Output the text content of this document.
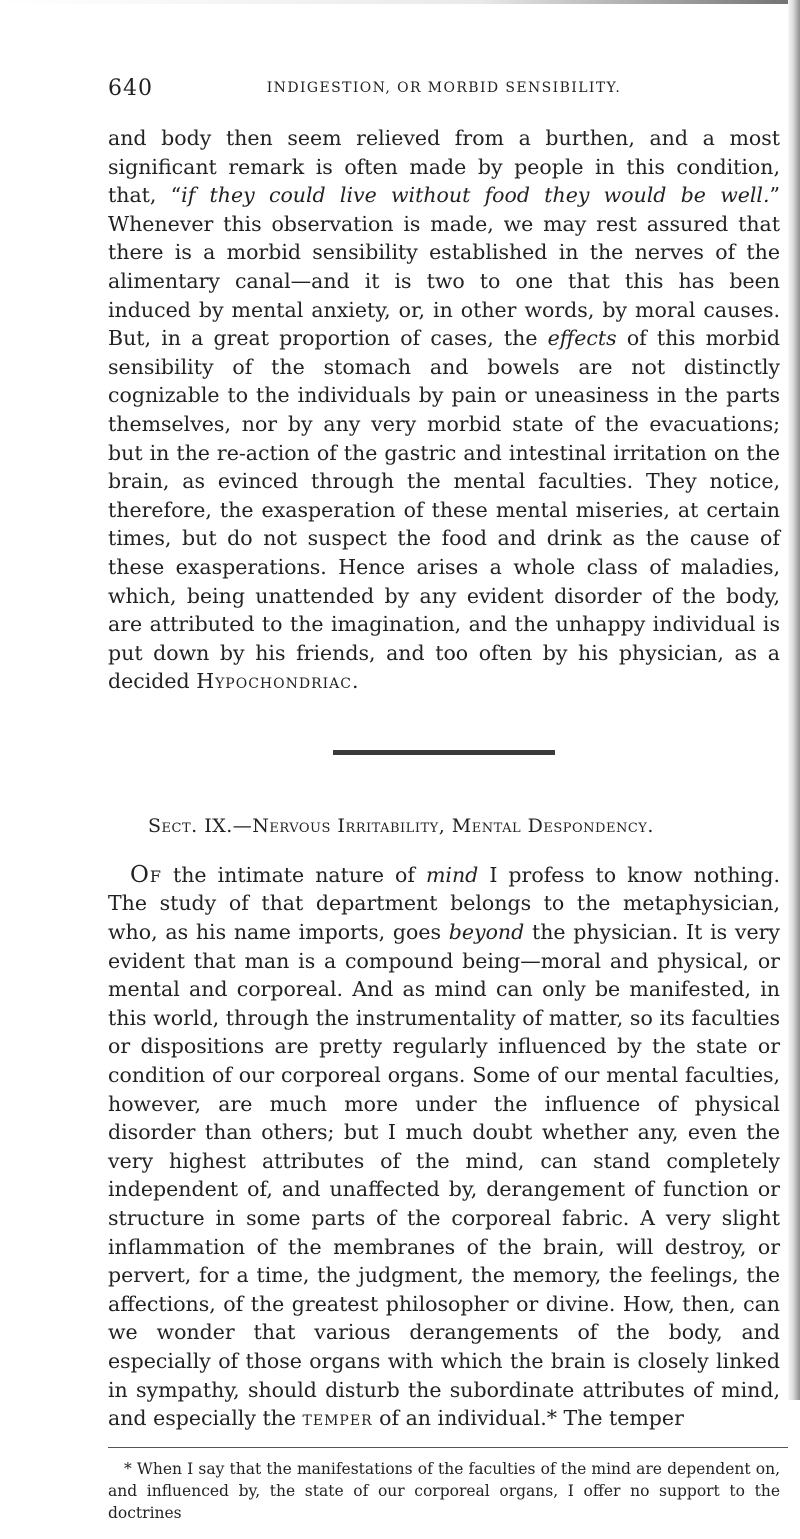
640	INDIGESTION, OR MORBID SENSIBILITY.

and body then seem relieved from a burthen, and a most significant remark is often made by people in this condition, that, “if they could live without food they would be well.” Whenever this observation is made, we may rest assured that there is a morbid sensibility established in the nerves of the alimentary canal—and it is two to one that this has been induced by mental anxiety, or, in other words, by moral causes. But, in a great proportion of cases, the effects of this morbid sensibility of the stomach and bowels are not distinctly cognizable to the individuals by pain or uneasiness in the parts themselves, nor by any very morbid state of the evacuations; but in the re-action of the gastric and intestinal irritation on the brain, as evinced through the mental faculties. They notice, therefore, the exasperation of these mental miseries, at certain times, but do not suspect the food and drink as the cause of these exasperations. Hence arises a whole class of maladies, which, being unattended by any evident disorder of the body, are attributed to the imagination, and the unhappy individual is put down by his friends, and too often by his physician, as a decided Hypochondriac.

Sect. IX.—Nervous Irritability, Mental Despondency.

Of the intimate nature of mind I profess to know nothing. The study of that department belongs to the metaphysician, who, as his name imports, goes beyond the physician. It is very evident that man is a compound being—moral and physical, or mental and corporeal. And as mind can only be manifested, in this world, through the instrumentality of matter, so its faculties or dispositions are pretty regularly influenced by the state or condition of our corporeal organs. Some of our mental faculties, however, are much more under the influence of physical disorder than others; but I much doubt whether any, even the very highest attributes of the mind, can stand completely independent of, and unaffected by, derangement of function or structure in some parts of the corporeal fabric. A very slight inflammation of the membranes of the brain, will destroy, or pervert, for a time, the judgment, the memory, the feelings, the affections, of the greatest philosopher or divine. How, then, can we wonder that various derangements of the body, and especially of those organs with which the brain is closely linked in sympathy, should disturb the subordinate attributes of mind, and especially the temper of an individual.* The temper

* When I say that the manifestations of the faculties of the mind are dependent on, and influenced by, the state of our corporeal organs, I offer no support to the doctrines
